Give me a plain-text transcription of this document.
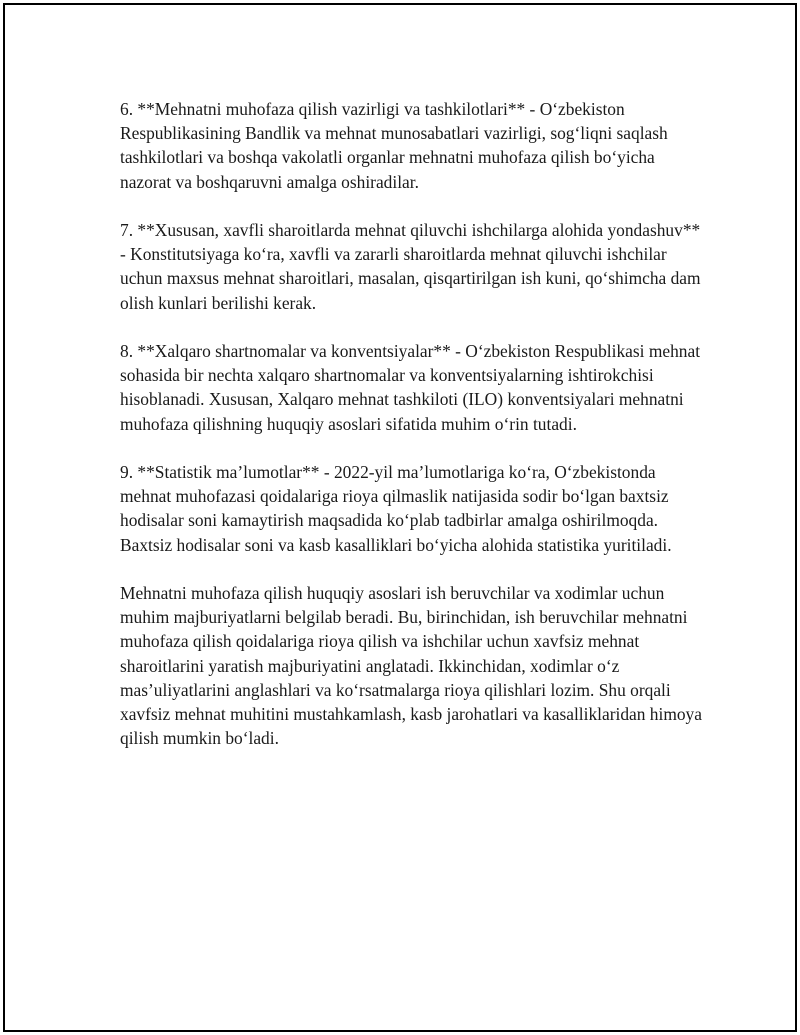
6. **Mehnatni muhofaza qilish vazirligi va tashkilotlari** - O‘zbekiston Respublikasining Bandlik va mehnat munosabatlari vazirligi, sog‘liqni saqlash tashkilotlari va boshqa vakolatli organlar mehnatni muhofaza qilish bo‘yicha nazorat va boshqaruvni amalga oshiradilar.

7. **Xususan, xavfli sharoitlarda mehnat qiluvchi ishchilarga alohida yondashuv** - Konstitutsiyaga ko‘ra, xavfli va zararli sharoitlarda mehnat qiluvchi ishchilar uchun maxsus mehnat sharoitlari, masalan, qisqartirilgan ish kuni, qo‘shimcha dam olish kunlari berilishi kerak.

8. **Xalqaro shartnomalar va konventsiyalar** - O‘zbekiston Respublikasi mehnat sohasida bir nechta xalqaro shartnomalar va konventsiyalarning ishtirokchisi hisoblanadi. Xususan, Xalqaro mehnat tashkiloti (ILO) konventsiyalari mehnatni muhofaza qilishning huquqiy asoslari sifatida muhim o‘rin tutadi.

9. **Statistik ma’lumotlar** - 2022-yil ma’lumotlariga ko‘ra, O‘zbekistonda mehnat muhofazasi qoidalariga rioya qilmaslik natijasida sodir bo‘lgan baxtsiz hodisalar soni kamaytirish maqsadida ko‘plab tadbirlar amalga oshirilmoqda. Baxtsiz hodisalar soni va kasb kasalliklari bo‘yicha alohida statistika yuritiladi.

Mehnatni muhofaza qilish huquqiy asoslari ish beruvchilar va xodimlar uchun muhim majburiyatlarni belgilab beradi. Bu, birinchidan, ish beruvchilar mehnatni muhofaza qilish qoidalariga rioya qilish va ishchilar uchun xavfsiz mehnat sharoitlarini yaratish majburiyatini anglatadi. Ikkinchidan, xodimlar o‘z mas’uliyatlarini anglashlari va ko‘rsatmalarga rioya qilishlari lozim. Shu orqali xavfsiz mehnat muhitini mustahkamlash, kasb jarohatlari va kasalliklaridan himoya qilish mumkin bo‘ladi.
